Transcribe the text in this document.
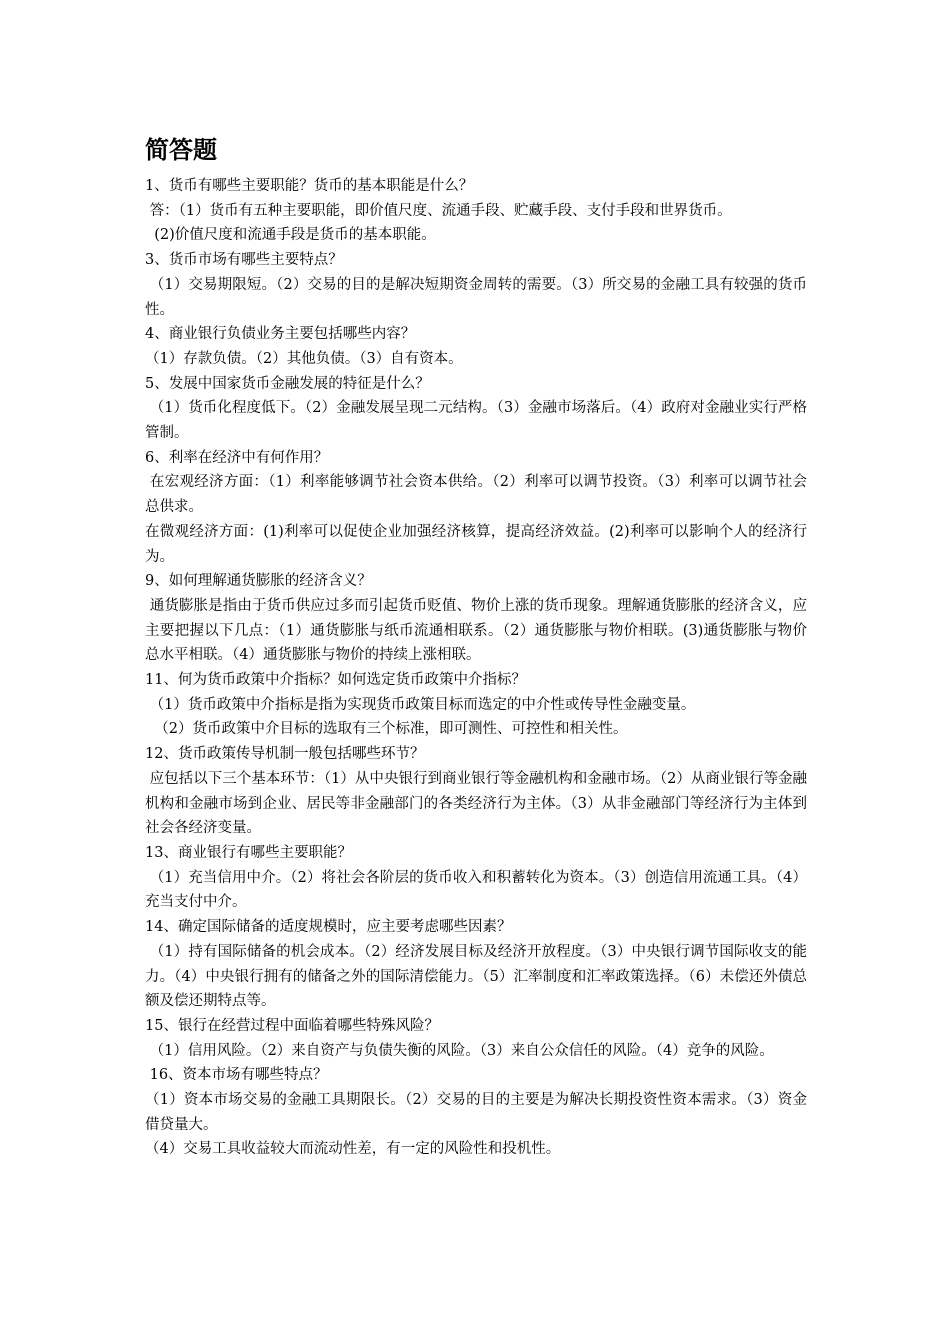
简答题

1、货币有哪些主要职能？货币的基本职能是什么？

答：（1）货币有五种主要职能，即价值尺度、流通手段、贮藏手段、支付手段和世界货币。

(2)价值尺度和流通手段是货币的基本职能。

3、货币市场有哪些主要特点？

（1）交易期限短。（2）交易的目的是解决短期资金周转的需要。（3）所交易的金融工具有较强的货币性。

4、商业银行负债业务主要包括哪些内容？

（1）存款负债。（2）其他负债。（3）自有资本。

5、发展中国家货币金融发展的特征是什么？

（1）货币化程度低下。（2）金融发展呈现二元结构。（3）金融市场落后。（4）政府对金融业实行严格管制。

6、利率在经济中有何作用？

在宏观经济方面：（1）利率能够调节社会资本供给。（2）利率可以调节投资。（3）利率可以调节社会总供求。

在微观经济方面：(1)利率可以促使企业加强经济核算，提高经济效益。(2)利率可以影响个人的经济行为。

9、如何理解通货膨胀的经济含义？

通货膨胀是指由于货币供应过多而引起货币贬值、物价上涨的货币现象。理解通货膨胀的经济含义，应主要把握以下几点：（1）通货膨胀与纸币流通相联系。（2）通货膨胀与物价相联。(3)通货膨胀与物价总水平相联。（4）通货膨胀与物价的持续上涨相联。

11、何为货币政策中介指标？如何选定货币政策中介指标？

（1）货币政策中介指标是指为实现货币政策目标而选定的中介性或传导性金融变量。

（2）货币政策中介目标的选取有三个标准，即可测性、可控性和相关性。

12、货币政策传导机制一般包括哪些环节？

应包括以下三个基本环节：（1）从中央银行到商业银行等金融机构和金融市场。（2）从商业银行等金融机构和金融市场到企业、居民等非金融部门的各类经济行为主体。（3）从非金融部门等经济行为主体到社会各经济变量。

13、商业银行有哪些主要职能？

（1）充当信用中介。（2）将社会各阶层的货币收入和积蓄转化为资本。（3）创造信用流通工具。（4）充当支付中介。

14、确定国际储备的适度规模时，应主要考虑哪些因素？

（1）持有国际储备的机会成本。（2）经济发展目标及经济开放程度。（3）中央银行调节国际收支的能力。（4）中央银行拥有的储备之外的国际清偿能力。（5）汇率制度和汇率政策选择。（6）未偿还外债总额及偿还期特点等。

15、银行在经营过程中面临着哪些特殊风险？

（1）信用风险。（2）来自资产与负债失衡的风险。（3）来自公众信任的风险。（4）竞争的风险。

16、资本市场有哪些特点？

（1）资本市场交易的金融工具期限长。（2）交易的目的主要是为解决长期投资性资本需求。（3）资金借贷量大。

（4）交易工具收益较大而流动性差，有一定的风险性和投机性。
